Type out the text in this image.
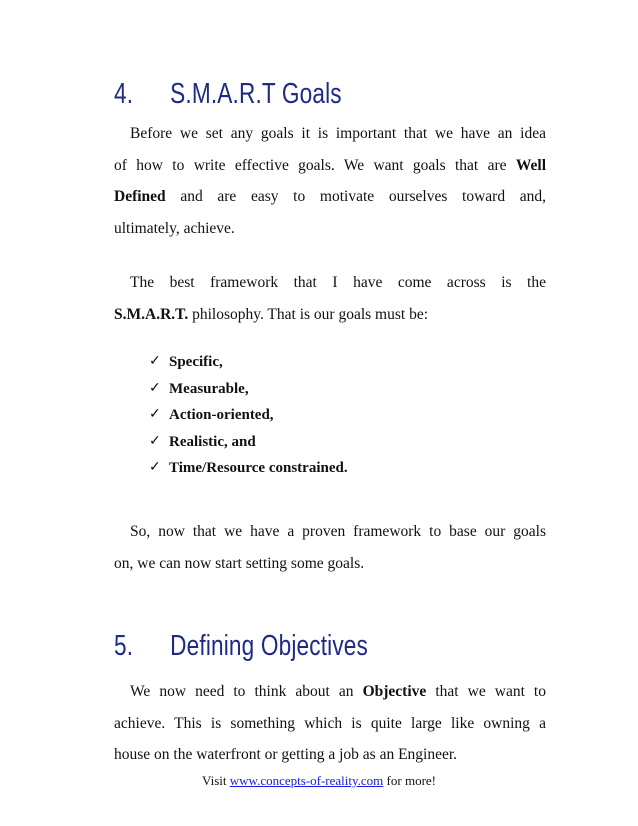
4. S.M.A.R.T Goals

Before we set any goals it is important that we have an idea
of how to write effective goals. We want goals that are Well
Defined and are easy to motivate ourselves toward and,
ultimately, achieve.

The best framework that I have come across is the
S.M.A.R.T. philosophy. That is our goals must be:

✓ Specific,
✓ Measurable,
✓ Action-oriented,
✓ Realistic, and
✓ Time/Resource constrained.

So, now that we have a proven framework to base our goals
on, we can now start setting some goals.

5. Defining Objectives

We now need to think about an Objective that we want to
achieve. This is something which is quite large like owning a
house on the waterfront or getting a job as an Engineer.

Visit www.concepts-of-reality.com for more!
